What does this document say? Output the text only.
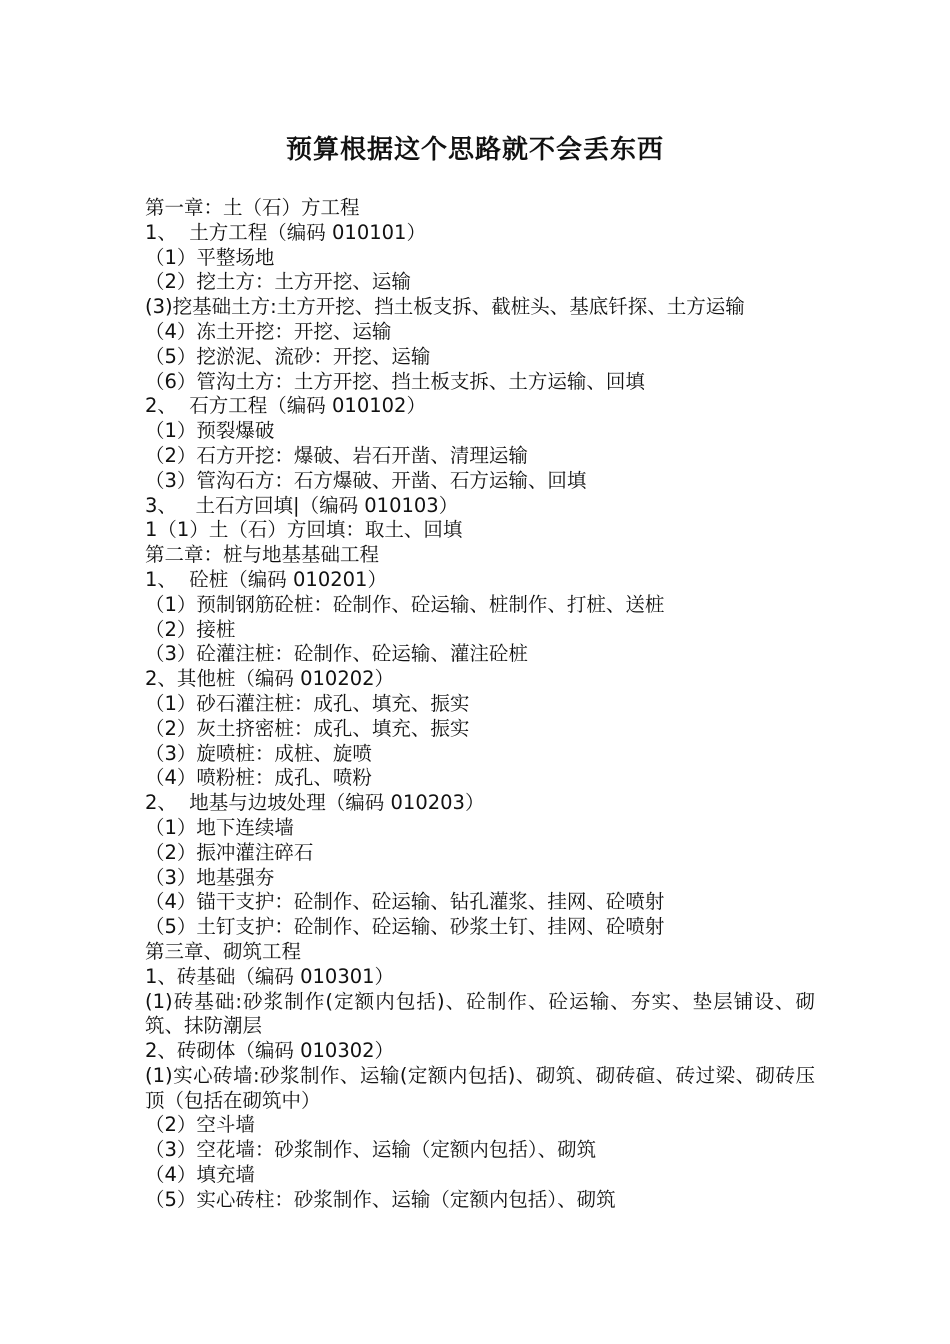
预算根据这个思路就不会丢东西

第一章：土（石）方工程

1、  土方工程（编码 010101）

（1）平整场地

（2）挖土方：土方开挖、运输

(3)挖基础土方:土方开挖、挡土板支拆、截桩头、基底钎探、土方运输

（4）冻土开挖：开挖、运输

（5）挖淤泥、流砂：开挖、运输

（6）管沟土方：土方开挖、挡土板支拆、土方运输、回填

2、  石方工程（编码 010102）

（1）预裂爆破

（2）石方开挖：爆破、岩石开凿、清理运输

（3）管沟石方：石方爆破、开凿、石方运输、回填

3、   土石方回填|（编码 010103）

1（1）土（石）方回填：取土、回填

第二章：桩与地基基础工程

1、  砼桩（编码 010201）

（1）预制钢筋砼桩：砼制作、砼运输、桩制作、打桩、送桩

（2）接桩

（3）砼灌注桩：砼制作、砼运输、灌注砼桩

2、其他桩（编码 010202）

（1）砂石灌注桩：成孔、填充、振实

（2）灰土挤密桩：成孔、填充、振实

（3）旋喷桩：成桩、旋喷

（4）喷粉桩：成孔、喷粉

2、  地基与边坡处理（编码 010203）

（1）地下连续墙

（2）振冲灌注碎石

（3）地基强夯

（4）锚干支护：砼制作、砼运输、钻孔灌浆、挂网、砼喷射

（5）土钉支护：砼制作、砼运输、砂浆土钉、挂网、砼喷射

第三章、砌筑工程

1、砖基础（编码 010301）

(1)砖基础:砂浆制作(定额内包括)、砼制作、砼运输、夯实、垫层铺设、砌筑、抹防潮层

2、砖砌体（编码 010302）

(1)实心砖墙:砂浆制作、运输(定额内包括)、砌筑、砌砖碹、砖过梁、砌砖压顶（包括在砌筑中）

（2）空斗墙

（3）空花墙：砂浆制作、运输（定额内包括）、砌筑

（4）填充墙

（5）实心砖柱：砂浆制作、运输（定额内包括）、砌筑
